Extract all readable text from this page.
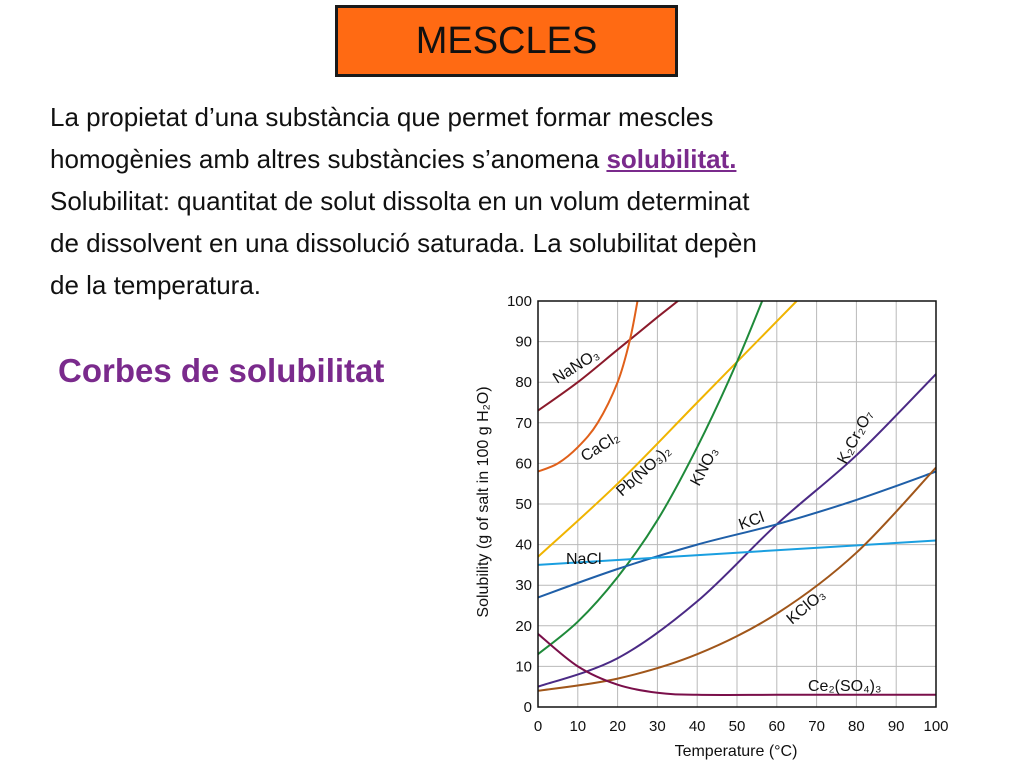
MESCLES
La propietat d’una substància que permet formar mescles
homogènies amb altres substàncies s’anomena solubilitat.
Solubilitat: quantitat de solut dissolta en un volum determinat
de dissolvent en una dissolució saturada. La solubilitat depèn
de la temperatura.
Corbes de solubilitat
0 10 20 30 40 50 60 70 80 90 100
0
10
20
30
40
50
60
70
80
90
100
Temperature (°C)
Solubility (g of salt in 100 g H₂O)
NaNO₃
CaCl₂
Pb(NO₃)₂ KNO₃	K₂Cr₂O₇
KCl
NaCl
KClO₃
Ce₂(SO₄)₃
